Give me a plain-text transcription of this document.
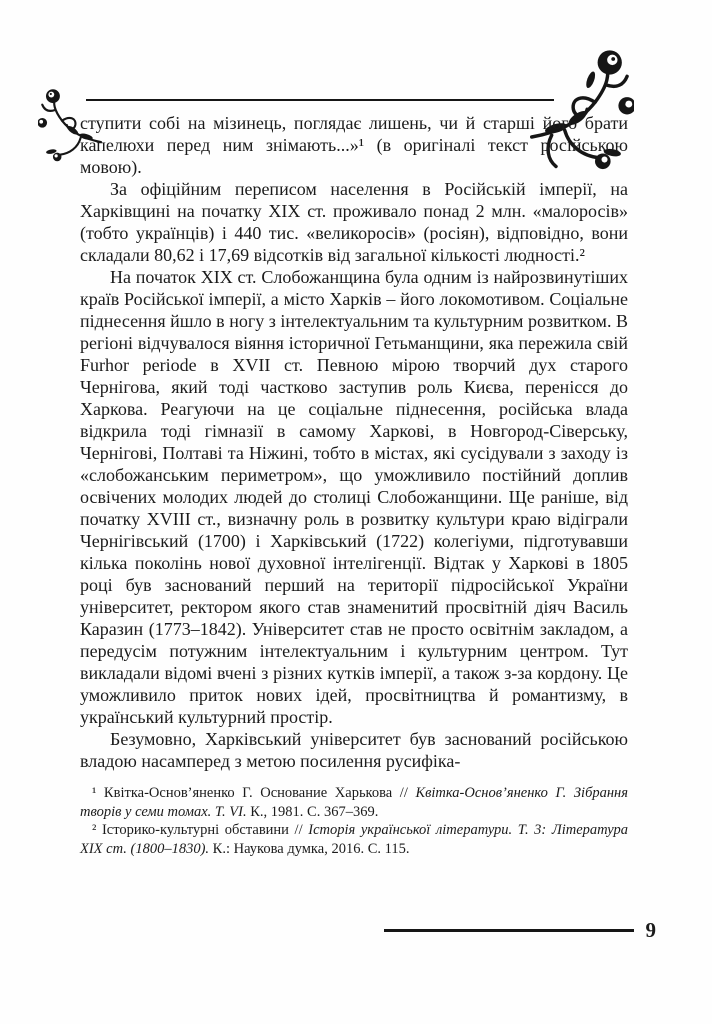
ступити собі на мізинець, поглядає лишень, чи й старші його брати капелюхи перед ним знімають...»¹ (в оригіналі текст російською мовою).

За офіційним переписом населення в Російській імперії, на Харківщині на початку XIX ст. проживало понад 2 млн. «малоросів» (тобто українців) і 440 тис. «великоросів» (росіян), відповідно, вони складали 80,62 і 17,69 відсотків від загальної кількості людності.²

На початок XIX ст. Слобожанщина була одним із найрозвинутіших країв Російської імперії, а місто Харків – його локомотивом. Соціальне піднесення йшло в ногу з інтелектуальним та культурним розвитком. В регіоні відчувалося віяння історичної Гетьманщини, яка пережила свій Furhor periode в XVII ст. Певною мірою творчий дух старого Чернігова, який тоді частково заступив роль Києва, перенісся до Харкова. Реагуючи на це соціальне піднесення, російська влада відкрила тоді гімназії в самому Харкові, в Новгород-Сіверську, Чернігові, Полтаві та Ніжині, тобто в містах, які сусідували з заходу із «слобожанським периметром», що уможливило постійний доплив освічених молодих людей до столиці Слобожанщини. Ще раніше, від початку XVIII ст., визначну роль в розвитку культури краю відіграли Чернігівський (1700) і Харківський (1722) колегіуми, підготувавши кілька поколінь нової духовної інтелігенції. Відтак у Харкові в 1805 році був заснований перший на території підросійської України університет, ректором якого став знаменитий просвітній діяч Василь Каразин (1773–1842). Університет став не просто освітнім закладом, а передусім потужним інтелектуальним і культурним центром. Тут викладали відомі вчені з різних кутків імперії, а також з-за кордону. Це уможливило приток нових ідей, просвітництва й романтизму, в український культурний простір.

Безумовно, Харківський університет був заснований російською владою насамперед з метою посилення русифіка-

¹ Квітка-Основ’яненко Г. Основание Харькова // Квітка-Основ’яненко Г. Зібрання творів у семи томах. Т. VI. К., 1981. С. 367–369.

² Історико-культурні обставини // Історія української літератури. Т. 3: Література XIX ст. (1800–1830). К.: Наукова думка, 2016. С. 115.

9
